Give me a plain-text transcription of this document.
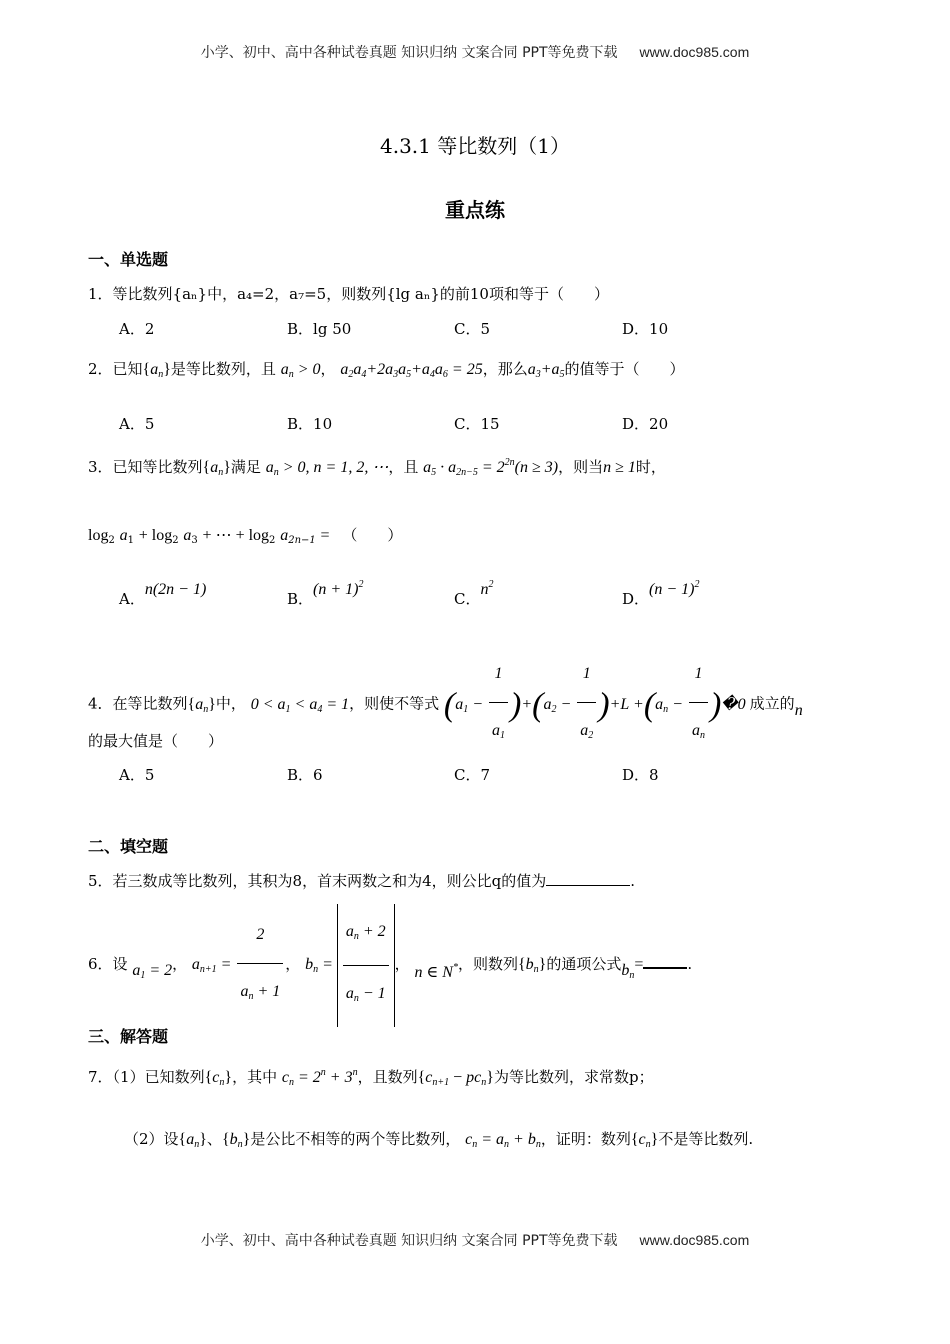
小学、初中、高中各种试卷真题 知识归纳 文案合同 PPT等免费下载 www.doc985.com
4.3.1 等比数列（1）
重点练
一、单选题
1．等比数列{aₙ}中，a₄=2，a₇=5，则数列{lg aₙ}的前10项和等于（　　）
A．2	B．lg 50	C．5	D．10
2．已知$\{a_n\}$是等比数列，且 $a_n > 0$， $a_2a_4+2a_3a_5+a_4a_6 = 25$，那么$a_3+a_5$的值等于（　　）
A．5	B．10	C．15	D．20
3．已知等比数列$\{a_n\}$满足 $a_n > 0$, n = 1, 2, ⋯，且 $a_5 \cdot a_{2n-5} = 2^{2n}(n \ge 3)$，则当n ≥ 1时，
$\log_2 a_1 + \log_2 a_3$ + ⋯ + $\log_2 a_{2n-1}$ = （　　）
A．n(2n − 1)
B．$(n + 1)^2$
C．$n^2$
D．$(n - 1)^2$
4．在等比数列$\{a_n\}$中， $0 < a_1 < a_4 = 1$，则使不等式 $(a_1 - \frac{1}{a_1} )+(a_2 - \frac{1}{a_2} )+L +(a_n - \frac{1}{a_n}$ )�0 成立的n
的最大值是（　　）
A．5	B．6	C．7	D．8
二、填空题
5．若三数成等比数列，其积为8，首末两数之和为4，则公比q的值为	.
6．设 $a_1 = 2$， $a_{n+1} = \frac{2}{a_n + 1}$ ， $b_n = \frac{a_n + 2}{a_n - 1}$ ， n ∈ N*，则数列$\{b_n\}$的通项公式$b_n=$	.
三、解答题
7．（1）已知数列$\{c_n\}$，其中 $c_n = 2^n + 3^n$，且数列$\{c_{n+1} - pc_n\}$为等比数列，求常数p；
（2）设$\{a_n\}$、$\{b_n\}$是公比不相等的两个等比数列， $c_n = a_n + b_n$，证明：数列$\{c_n\}$不是等比数列.
小学、初中、高中各种试卷真题 知识归纳 文案合同 PPT等免费下载 www.doc985.com
